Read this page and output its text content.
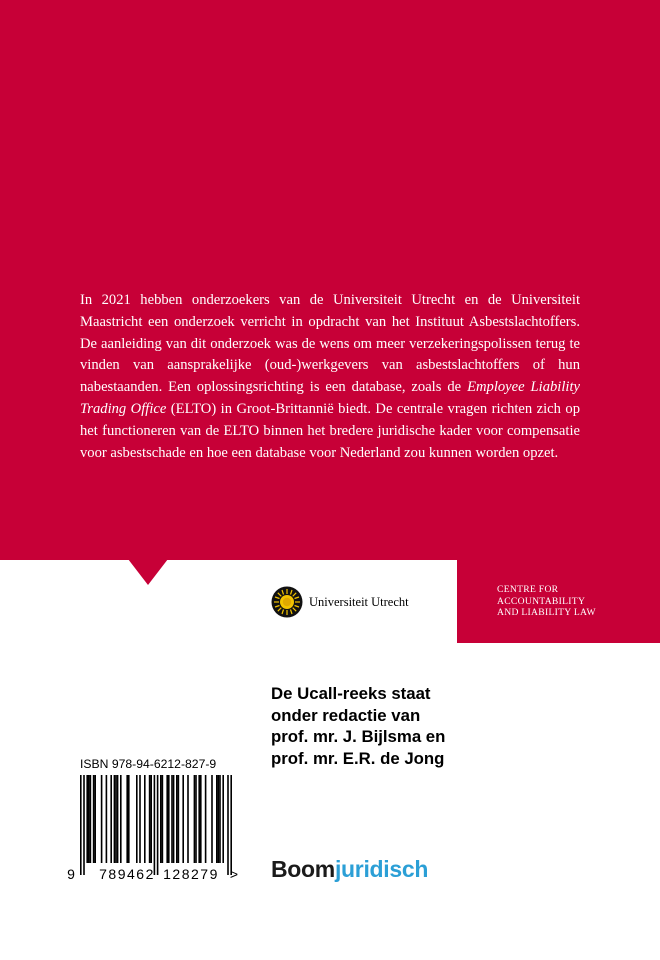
In 2021 hebben onderzoekers van de Universiteit Utrecht en de Universiteit Maastricht een onderzoek verricht in opdracht van het Instituut Asbestslachtoffers. De aanleiding van dit onderzoek was de wens om meer verzekeringspolissen terug te vinden van aansprakelijke (oud-)werkgevers van asbestslachtoffers of hun nabestaanden. Een oplossingsrichting is een database, zoals de Employee Liability Trading Office (ELTO) in Groot-Brittannië biedt. De centrale vragen richten zich op het functioneren van de ELTO binnen het bredere juridische kader voor compensatie voor asbestschade en hoe een database voor Nederland zou kunnen worden opzet.

Universiteit Utrecht
CENTRE FOR
ACCOUNTABILITY
AND LIABILITY LAW
De Ucall-reeks staat
onder redactie van
prof. mr. J. Bijlsma en
prof. mr. E.R. de Jong
ISBN 978-94-6212-827-9
9 789462 128279 > Boomjuridisch
